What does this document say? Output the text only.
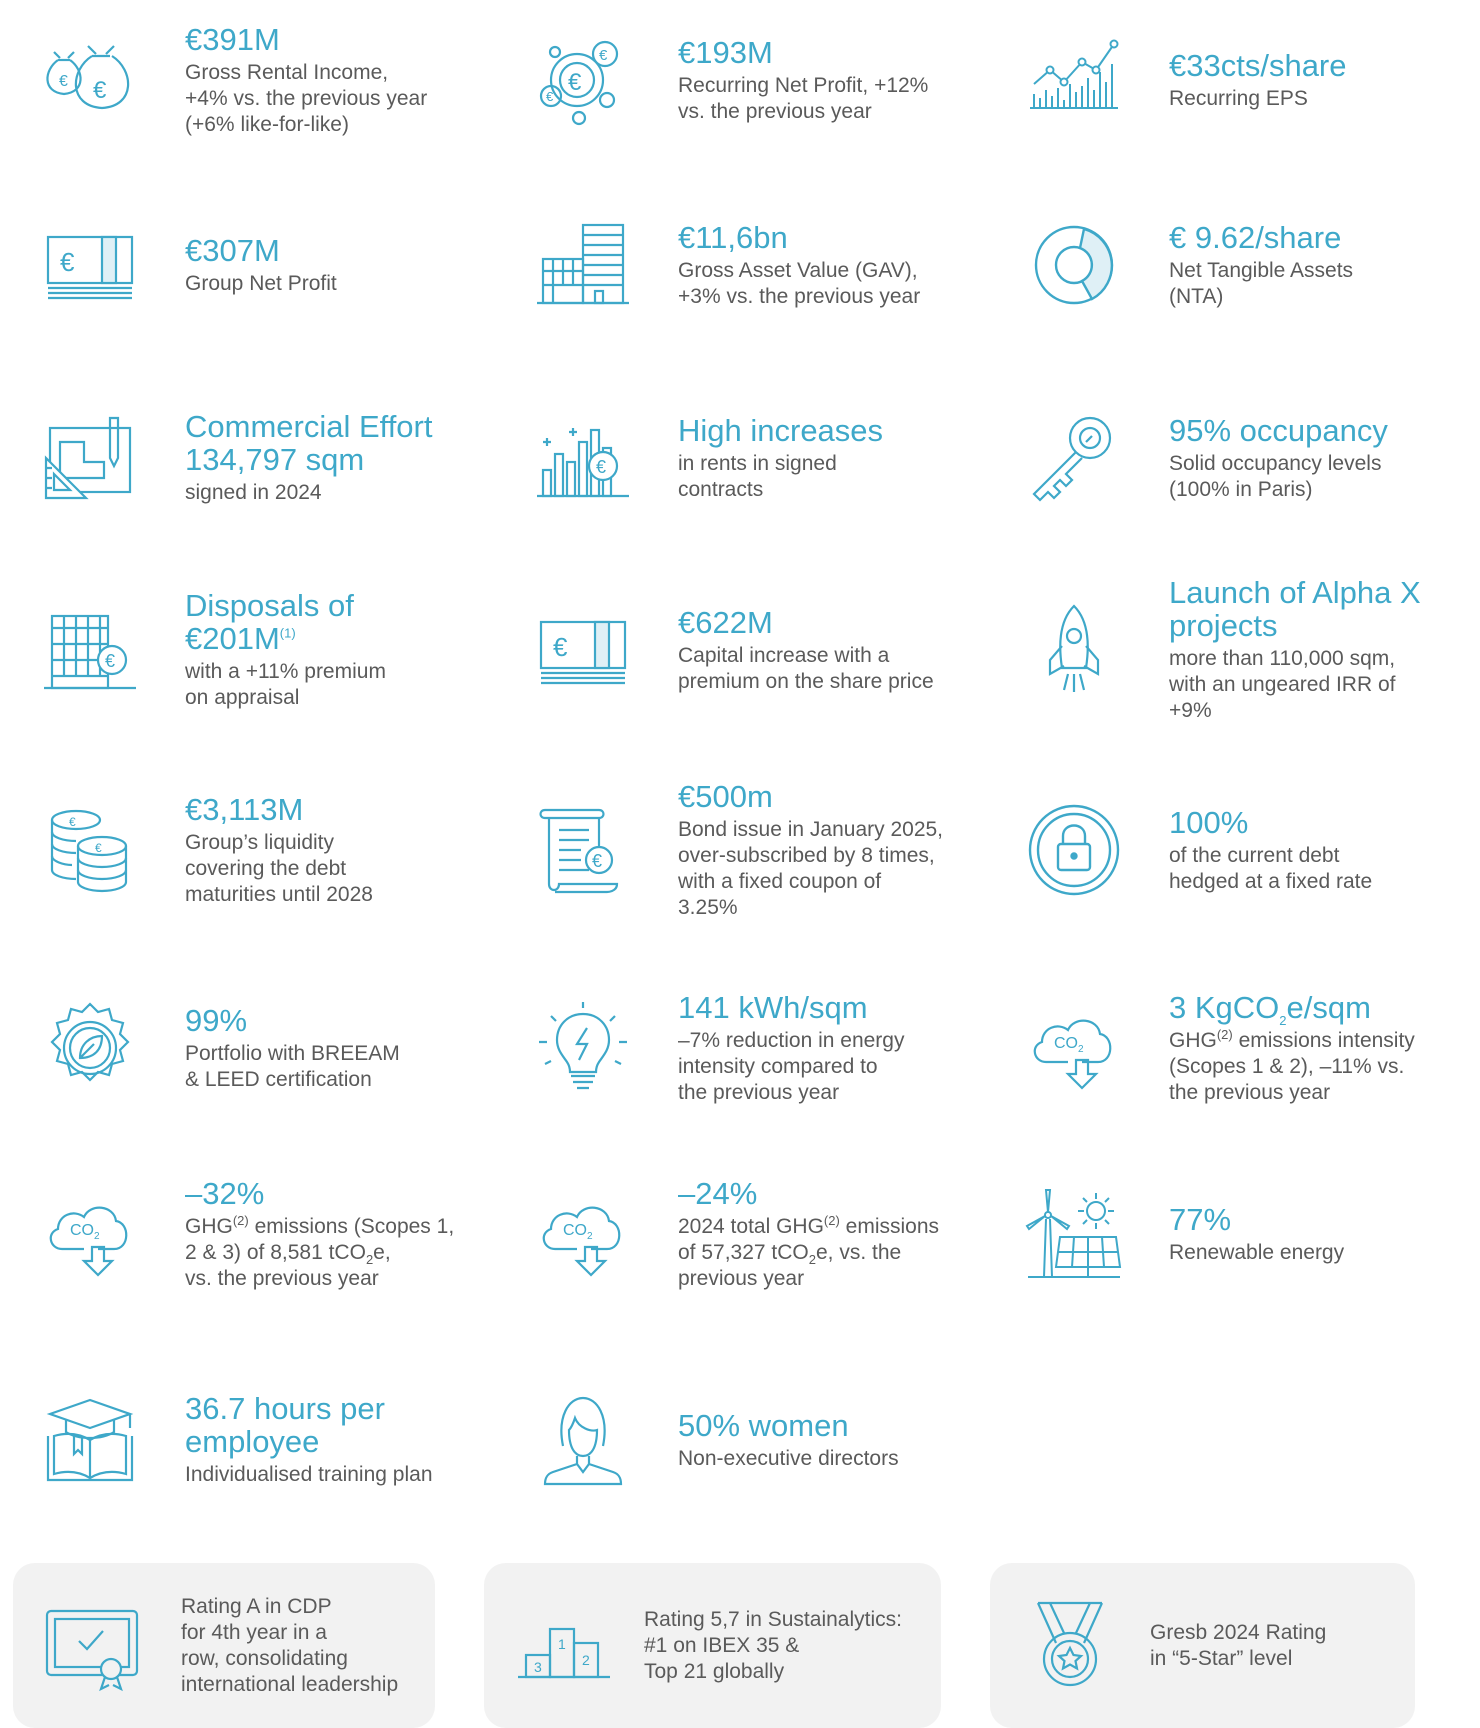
€ €
€391M
Gross Rental Income,
+4% vs. the previous year
(+6% like-for-like)
€
€
€
€193M
Recurring Net Profit, +12%
vs. the previous year
€33cts/share
Recurring EPS
€	€307M
Group Net Profit
€11,6bn
Gross Asset Value (GAV),
+3% vs. the previous year
€ 9.62/share
Net Tangible Assets
(NTA)
Commercial Effort
134,797 sqm
signed in 2024
€
High increases
in rents in signed
contracts
95% occupancy
Solid occupancy levels
(100% in Paris)
€
Disposals of
$€201M^{(1)}$
with a +11% premium
on appraisal
€
€622M
Capital increase with a
premium on the share price
Launch of Alpha X
projects
more than 110,000 sqm,
with an ungeared IRR of
+9%
€
€
€3,113M
Group’s liquidity
covering the debt
maturities until 2028
€
€500m
Bond issue in January 2025,
over-subscribed by 8 times,
with a fixed coupon of
3.25%
100%
of the current debt
hedged at a fixed rate
99%
Portfolio with BREEAM
& LEED certification
141 kWh/sqm
–7% reduction in energy
intensity compared to
the previous year
CO 2
3 KgCO$_2$e/sqm
GHG$^{(2)}$ emissions intensity
(Scopes 1 & 2), –11% vs.
the previous year
CO 2
–32%
GHG$^{(2)}$ emissions (Scopes 1,
2 & 3) of 8,581 tCO$_2$e,
vs. the previous year
CO 2
–24%
2024 total GHG$^{(2)}$ emissions
of 57,327 tCO$_2$e, vs. the
previous year
77%
Renewable energy
36.7 hours per
employee
Individualised training plan
50% women
Non-executive directors
Rating A in CDP
for 4th year in a
row, consolidating
international leadership
1
2
3
Rating 5,7 in Sustainalytics:
#1 on IBEX 35 &
Top 21 globally
Gresb 2024 Rating
in “5-Star” level
